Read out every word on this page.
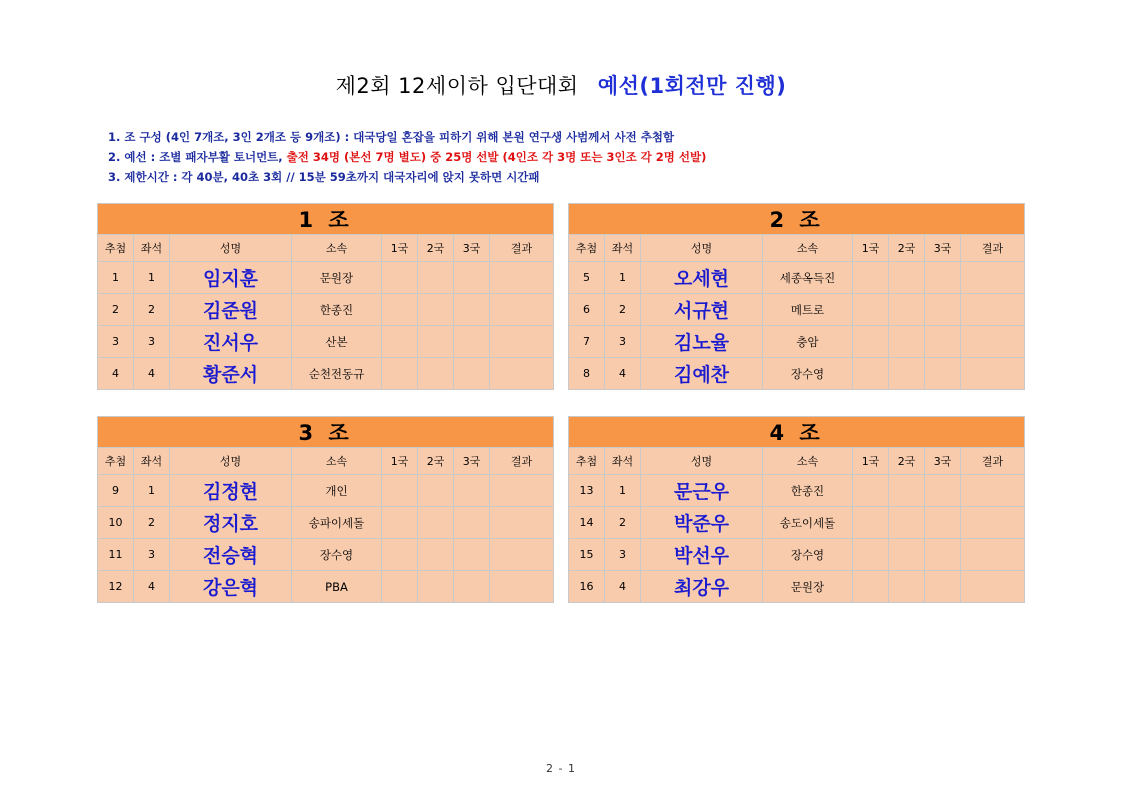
제2회 12세이하 입단대회 예선(1회전만 진행)
1. 조 구성 (4인 7개조, 3인 2개조 등 9개조) : 대국당일 혼잡을 피하기 위해 본원 연구생 사범께서 사전 추첨함
2. 예선 : 조별 패자부활 토너먼트, 출전 34명 (본선 7명 별도) 중 25명 선발 (4인조 각 3명 또는 3인조 각 2명 선발)
3. 제한시간 : 각 40분, 40초 3회 // 15분 59초까지 대국자리에 앉지 못하면 시간패
1 조							
추첨	좌석	성명	소속	1국	2국	3국	결과
1	1	임지훈	문원장				
2	2	김준원	한종진				
3	3	진서우	산본				
4	4	황준서	순천전동규				
2 조							
추첨	좌석	성명	소속	1국	2국	3국	결과
5	1	오세현	세종옥득진				
6	2	서규현	메트로				
7	3	김노율	충암				
8	4	김예찬	장수영				
3 조							
추첨	좌석	성명	소속	1국	2국	3국	결과
9	1	김정현	개인				
10	2	정지호	송파이세돌				
11	3	전승혁	장수영				
12	4	강은혁	PBA				
4 조							
추첨	좌석	성명	소속	1국	2국	3국	결과
13	1	문근우	한종진				
14	2	박준우	송도이세돌				
15	3	박선우	장수영				
16	4	최강우	문원장				
2 - 1
